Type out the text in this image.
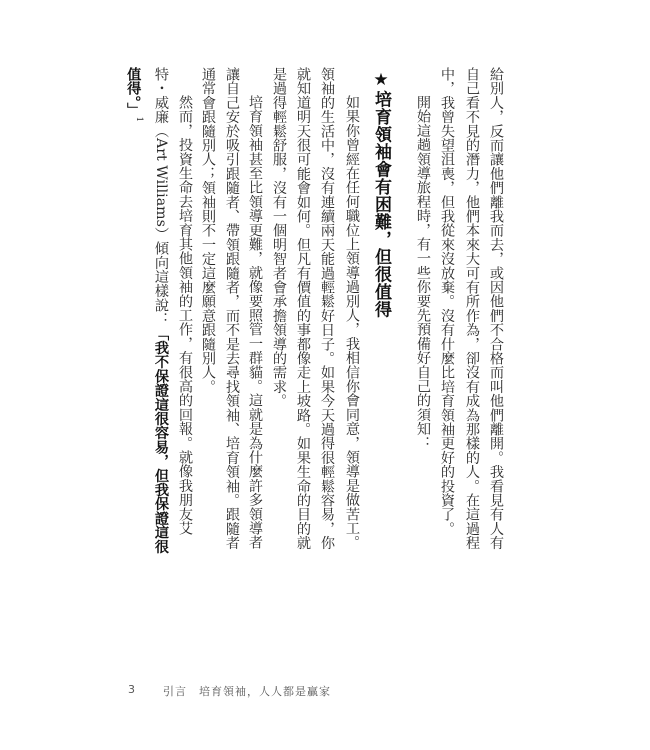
給別人，反而讓他們離我而去，或因他們不合格而叫他們離開。我看見有人有
自己看不見的潛力，他們本來大可有所作為，卻沒有成為那樣的人。在這過程
中，我曾失望沮喪，但我從來沒放棄。沒有什麼比培育領袖更好的投資了。
開始這趟領導旅程時，有一些你要先預備好自己的須知：
★培育領袖會有困難，但很值得
如果你曾經在任何職位上領導過別人，我相信你會同意，領導是做苦工。
領袖的生活中，沒有連續兩天能過輕鬆好日子。如果今天過得很輕鬆容易，你
就知道明天很可能會如何。但凡有價值的事都像走上坡路。如果生命的目的就
是過得輕鬆舒服，沒有一個明智者會承擔領導的需求。
培育領袖甚至比領導更難，就像要照管一群貓。這就是為什麼許多領導者
讓自己安於吸引跟隨者、帶領跟隨者，而不是去尋找領袖、培育領袖。跟隨者
通常會跟隨別人；領袖則不一定這麼願意跟隨別人。
然而，投資生命去培育其他領袖的工作，有很高的回報。就像我朋友艾
特・威廉（Art Williams）傾向這樣說：「我不保證這很容易，但我保證這很
值得。」$^1$
3	引言　培育領袖，人人都是贏家
